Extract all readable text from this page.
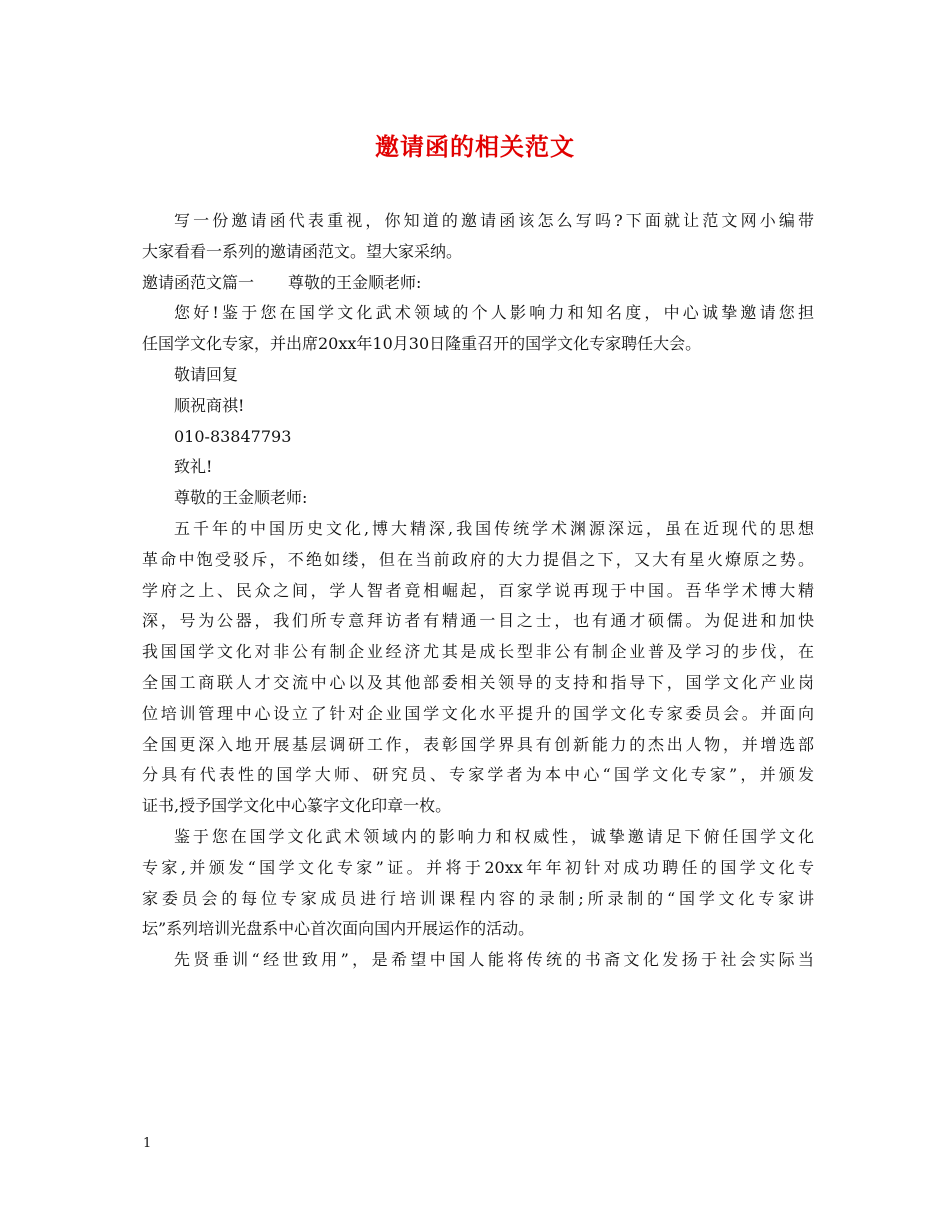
邀请函的相关范文
写一份邀请函代表重视，你知道的邀请函该怎么写吗?下面就让范文网小编带
大家看看一系列的邀请函范文。望大家采纳。
邀请函范文篇一 尊敬的王金顺老师:
您好!鉴于您在国学文化武术领域的个人影响力和知名度，中心诚挚邀请您担
任国学文化专家，并出席20xx年10月30日隆重召开的国学文化专家聘任大会。
敬请回复
顺祝商祺!
010-83847793
致礼!
尊敬的王金顺老师:
五千年的中国历史文化,博大精深,我国传统学术渊源深远，虽在近现代的思想
革命中饱受驳斥，不绝如缕，但在当前政府的大力提倡之下，又大有星火燎原之势。
学府之上、民众之间，学人智者竟相崛起，百家学说再现于中国。吾华学术博大精
深，号为公器，我们所专意拜访者有精通一目之士，也有通才硕儒。为促进和加快
我国国学文化对非公有制企业经济尤其是成长型非公有制企业普及学习的步伐，在
全国工商联人才交流中心以及其他部委相关领导的支持和指导下，国学文化产业岗
位培训管理中心设立了针对企业国学文化水平提升的国学文化专家委员会。并面向
全国更深入地开展基层调研工作，表彰国学界具有创新能力的杰出人物，并增选部
分具有代表性的国学大师、研究员、专家学者为本中心“国学文化专家”，并颁发
证书,授予国学文化中心篆字文化印章一枚。
鉴于您在国学文化武术领域内的影响力和权威性，诚挚邀请足下俯任国学文化
专家,并颁发“国学文化专家”证。并将于20xx年年初针对成功聘任的国学文化专
家委员会的每位专家成员进行培训课程内容的录制;所录制的“国学文化专家讲
坛”系列培训光盘系中心首次面向国内开展运作的活动。
先贤垂训“经世致用”，是希望中国人能将传统的书斋文化发扬于社会实际当
1
